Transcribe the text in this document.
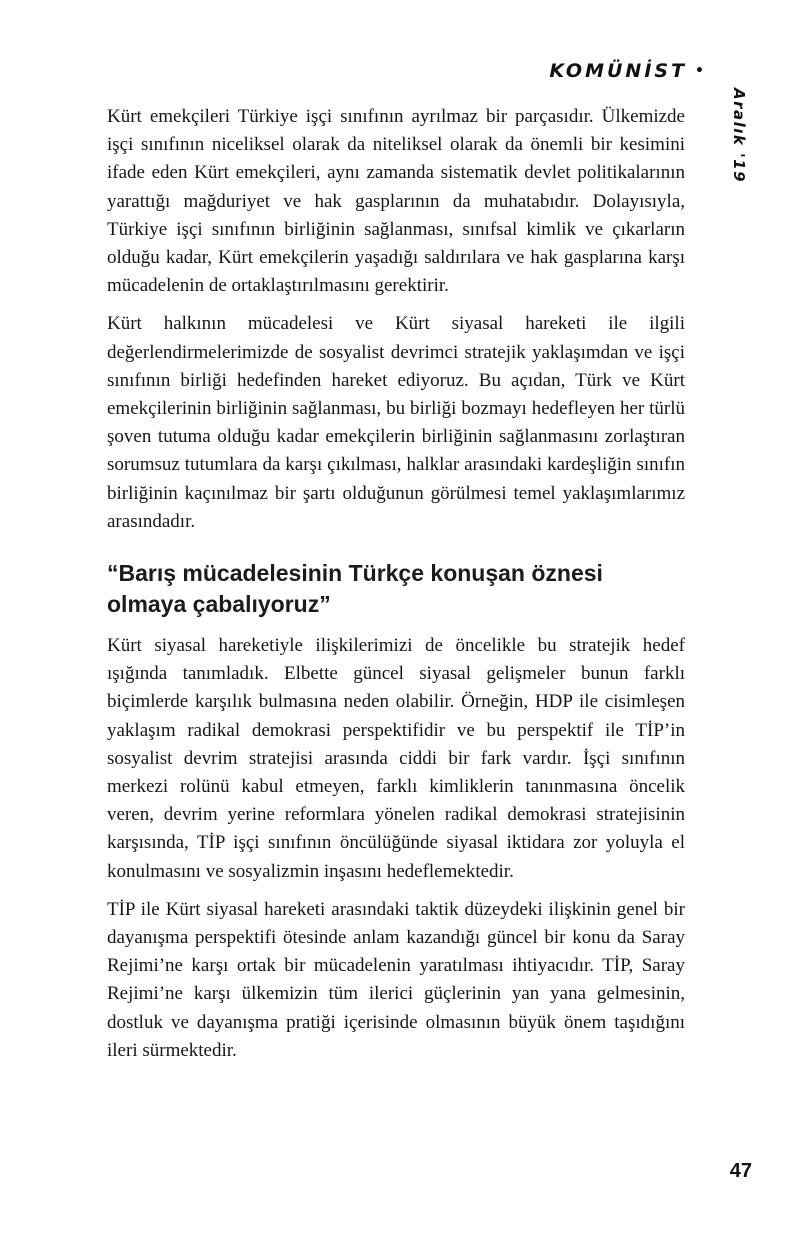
KOMÜNİST •
Aralık '19

Kürt emekçileri Türkiye işçi sınıfının ayrılmaz bir parçasıdır. Ülkemizde işçi sınıfının niceliksel olarak da niteliksel olarak da önemli bir kesimini ifade eden Kürt emekçileri, aynı zamanda sistematik devlet politikalarının yarattığı mağduriyet ve hak gasplarının da muhatabıdır. Dolayısıyla, Türkiye işçi sınıfının birliğinin sağlanması, sınıfsal kimlik ve çıkarların olduğu kadar, Kürt emekçilerin yaşadığı saldırılara ve hak gasplarına karşı mücadelenin de ortaklaştırılmasını gerektirir.

Kürt halkının mücadelesi ve Kürt siyasal hareketi ile ilgili değerlendirmelerimizde de sosyalist devrimci stratejik yaklaşımdan ve işçi sınıfının birliği hedefinden hareket ediyoruz. Bu açıdan, Türk ve Kürt emekçilerinin birliğinin sağlanması, bu birliği bozmayı hedefleyen her türlü şoven tutuma olduğu kadar emekçilerin birliğinin sağlanmasını zorlaştıran sorumsuz tutumlara da karşı çıkılması, halklar arasındaki kardeşliğin sınıfın birliğinin kaçınılmaz bir şartı olduğunun görülmesi temel yaklaşımlarımız arasındadır.

“Barış mücadelesinin Türkçe konuşan öznesi olmaya çabalıyoruz”

Kürt siyasal hareketiyle ilişkilerimizi de öncelikle bu stratejik hedef ışığında tanımladık. Elbette güncel siyasal gelişmeler bunun farklı biçimlerde karşılık bulmasına neden olabilir. Örneğin, HDP ile cisimleşen yaklaşım radikal demokrasi perspektifidir ve bu perspektif ile TİP’in sosyalist devrim stratejisi arasında ciddi bir fark vardır. İşçi sınıfının merkezi rolünü kabul etmeyen, farklı kimliklerin tanınmasına öncelik veren, devrim yerine reformlara yönelen radikal demokrasi stratejisinin karşısında, TİP işçi sınıfının öncülüğünde siyasal iktidara zor yoluyla el konulmasını ve sosyalizmin inşasını hedeflemektedir.

TİP ile Kürt siyasal hareketi arasındaki taktik düzeydeki ilişkinin genel bir dayanışma perspektifi ötesinde anlam kazandığı güncel bir konu da Saray Rejimi’ne karşı ortak bir mücadelenin yaratılması ihtiyacıdır. TİP, Saray Rejimi’ne karşı ülkemizin tüm ilerici güçlerinin yan yana gelmesinin, dostluk ve dayanışma pratiği içerisinde olmasının büyük önem taşıdığını ileri sürmektedir.

47
